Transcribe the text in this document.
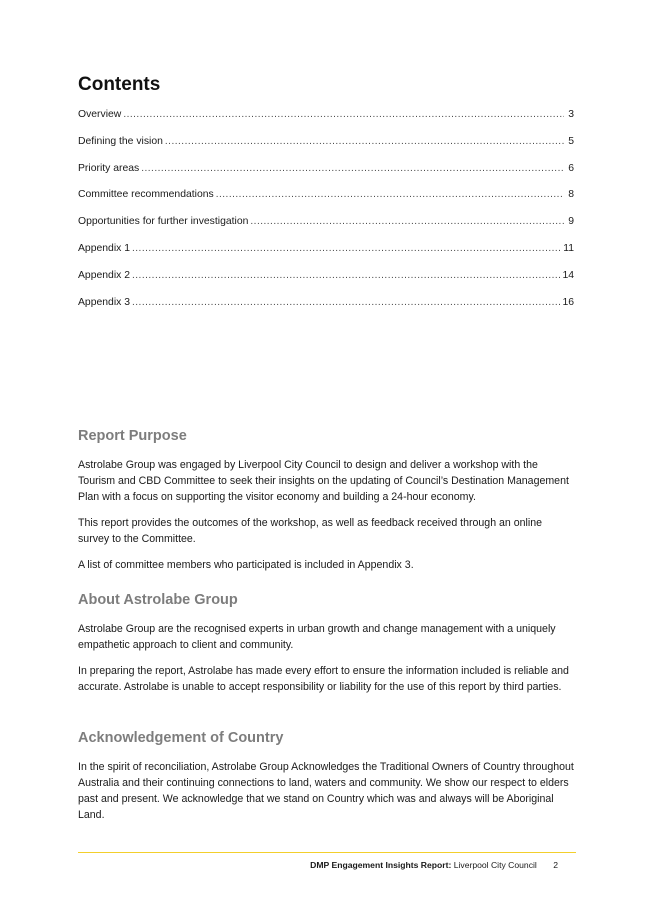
Contents
Overview .....	3
Defining the vision .....	5
Priority areas .....	6
Committee recommendations .....	8
Opportunities for further investigation .....	9
Appendix 1 .....	11
Appendix 2 .....	14
Appendix 3 .....	16
Report Purpose

Astrolabe Group was engaged by Liverpool City Council to design and deliver a workshop with the Tourism and CBD Committee to seek their insights on the updating of Council’s Destination Management Plan with a focus on supporting the visitor economy and building a 24-hour economy.

This report provides the outcomes of the workshop, as well as feedback received through an online survey to the Committee.

A list of committee members who participated is included in Appendix 3.

About Astrolabe Group

Astrolabe Group are the recognised experts in urban growth and change management with a uniquely empathetic approach to client and community.

In preparing the report, Astrolabe has made every effort to ensure the information included is reliable and accurate. Astrolabe is unable to accept responsibility or liability for the use of this report by third parties.

Acknowledgement of Country

In the spirit of reconciliation, Astrolabe Group Acknowledges the Traditional Owners of Country throughout Australia and their continuing connections to land, waters and community. We show our respect to elders past and present. We acknowledge that we stand on Country which was and always will be Aboriginal Land.

DMP Engagement Insights Report: Liverpool City Council 2
